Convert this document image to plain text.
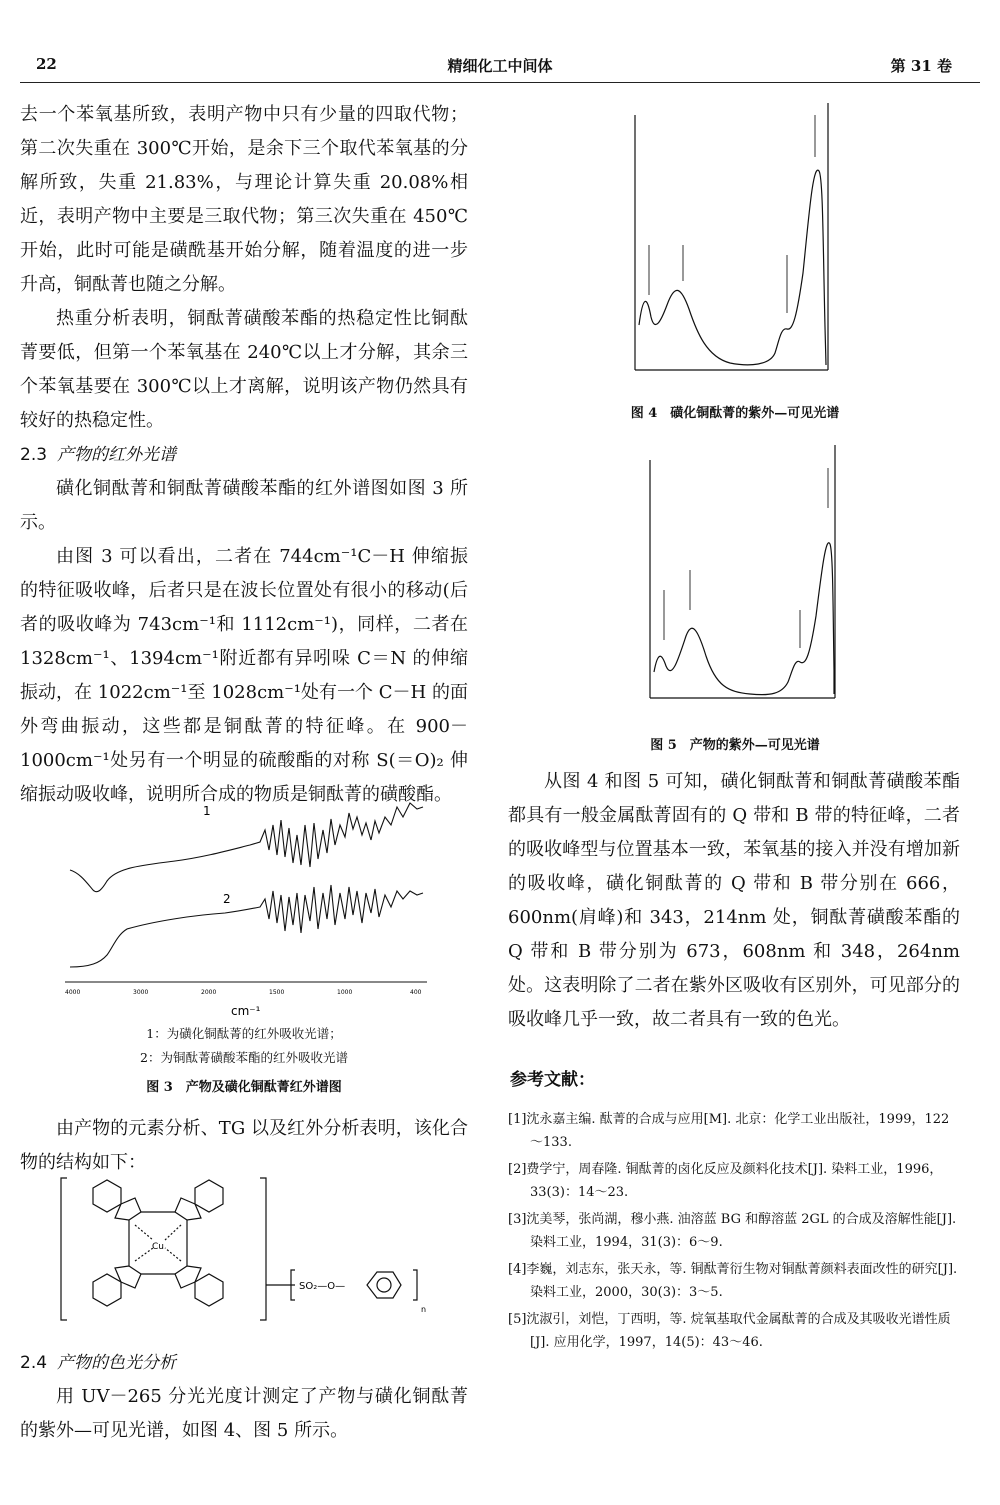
22	精细化工中间体	第 31 卷

去一个苯氧基所致，表明产物中只有少量的四取代物；第二次失重在 300℃开始，是余下三个取代苯氧基的分解所致，失重 21.83%，与理论计算失重 20.08%相近，表明产物中主要是三取代物；第三次失重在 450℃开始，此时可能是磺酰基开始分解，随着温度的进一步升高，铜酞菁也随之分解。

热重分析表明，铜酞菁磺酸苯酯的热稳定性比铜酞菁要低，但第一个苯氧基在 240℃以上才分解，其余三个苯氧基要在 300℃以上才离解，说明该产物仍然具有较好的热稳定性。

2.3 产物的红外光谱

磺化铜酞菁和铜酞菁磺酸苯酯的红外谱图如图 3 所示。

由图 3 可以看出，二者在 744cm⁻¹C－H 伸缩振的特征吸收峰，后者只是在波长位置处有很小的移动(后者的吸收峰为 743cm⁻¹和 1112cm⁻¹)，同样，二者在 1328cm⁻¹、1394cm⁻¹附近都有异吲哚 C＝N 的伸缩振动，在 1022cm⁻¹至 1028cm⁻¹处有一个 C－H 的面外弯曲振动，这些都是铜酞菁的特征峰。在 900－1000cm⁻¹处另有一个明显的硫酸酯的对称 S(＝O)₂ 伸缩振动吸收峰，说明所合成的物质是铜酞菁的磺酸酯。

1
2
4000	3000	2000	1500	1000	400
cm⁻¹
1：为磺化铜酞菁的红外吸收光谱；
2：为铜酞菁磺酸苯酯的红外吸收光谱
图 3　产物及磺化铜酞菁红外谱图

由产物的元素分析、TG 以及红外分析表明，该化合物的结构如下：

Cu
SO₂—O—
n

2.4 产物的色光分析

用 UV－265 分光光度计测定了产物与磺化铜酞菁的紫外—可见光谱，如图 4、图 5 所示。

图 4　磺化铜酞菁的紫外—可见光谱
图 5　产物的紫外—可见光谱

从图 4 和图 5 可知，磺化铜酞菁和铜酞菁磺酸苯酯都具有一般金属酞菁固有的 Q 带和 B 带的特征峰，二者的吸收峰型与位置基本一致，苯氧基的接入并没有增加新的吸收峰，磺化铜酞菁的 Q 带和 B 带分别在 666，600nm(肩峰)和 343，214nm 处，铜酞菁磺酸苯酯的 Q 带和 B 带分别为 673，608nm 和 348，264nm 处。这表明除了二者在紫外区吸收有区别外，可见部分的吸收峰几乎一致，故二者具有一致的色光。

参考文献：

[1]沈永嘉主编. 酞菁的合成与应用[M]. 北京：化学工业出版社，1999，122～133.

[2]费学宁，周春隆. 铜酞菁的卤化反应及颜料化技术[J]. 染料工业，1996，33(3)：14～23.

[3]沈美琴，张尚湖，穆小燕. 油溶蓝 BG 和醇溶蓝 2GL 的合成及溶解性能[J]. 染料工业，1994，31(3)：6～9.

[4]李巍，刘志东，张天永，等. 铜酞菁衍生物对铜酞菁颜料表面改性的研究[J]. 染料工业，2000，30(3)：3～5.

[5]沈淑引，刘恺，丁西明，等. 烷氧基取代金属酞菁的合成及其吸收光谱性质[J]. 应用化学，1997，14(5)：43～46.
